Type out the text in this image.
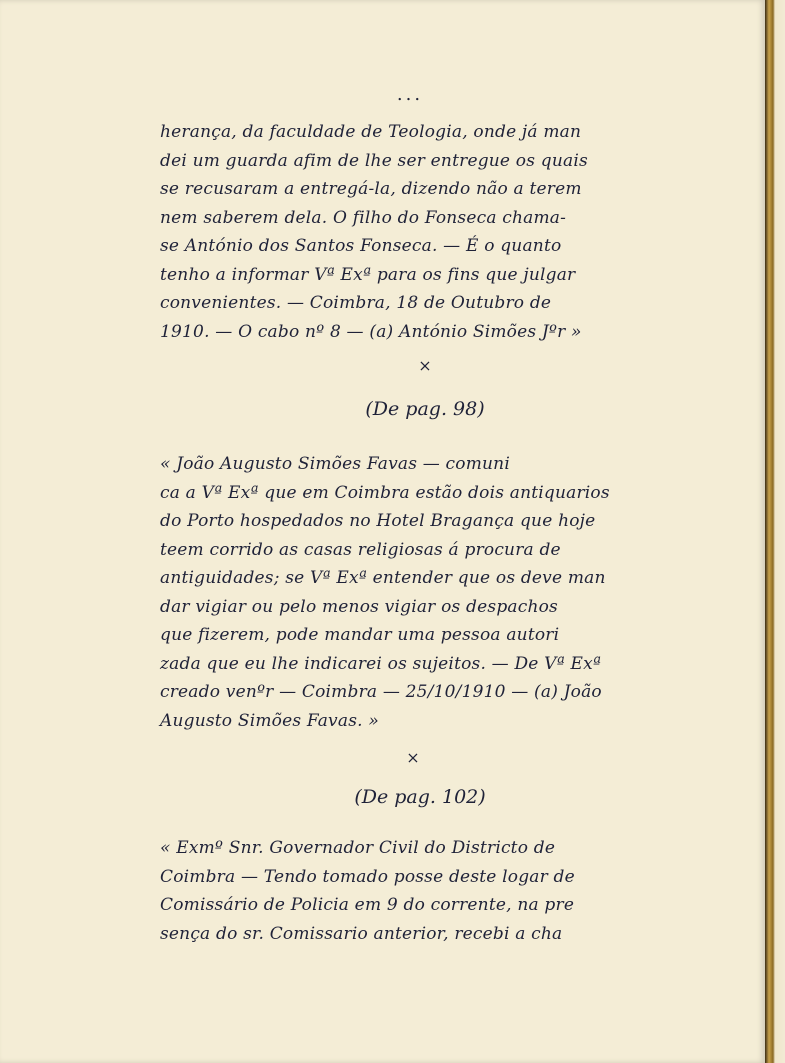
...
herança, da faculdade de Teologia, onde já man
dei um guarda afim de lhe ser entregue os quais
se recusaram a entregá-la, dizendo não a terem
nem saberem dela. O filho do Fonseca chama-
se António dos Santos Fonseca. — É o quanto
tenho a informar Vª Exª para os fins que julgar
convenientes. — Coimbra, 18 de Outubro de
1910. — O cabo nº 8 — (a) António Simões Jºr »
×
(De pag. 98)
« João Augusto Simões Favas — comuni
ca a Vª Exª que em Coimbra estão dois antiquarios
do Porto hospedados no Hotel Bragança que hoje
teem corrido as casas religiosas á procura de
antiguidades; se Vª Exª entender que os deve man
dar vigiar ou pelo menos vigiar os despachos
que fizerem, pode mandar uma pessoa autori
zada que eu lhe indicarei os sujeitos. — De Vª Exª
creado venºr — Coimbra — 25/10/1910 — (a) João
Augusto Simões Favas. »
×
(De pag. 102)
« Exmº Snr. Governador Civil do Districto de
Coimbra — Tendo tomado posse deste logar de
Comissário de Policia em 9 do corrente, na pre
sença do sr. Comissario anterior, recebi a cha
